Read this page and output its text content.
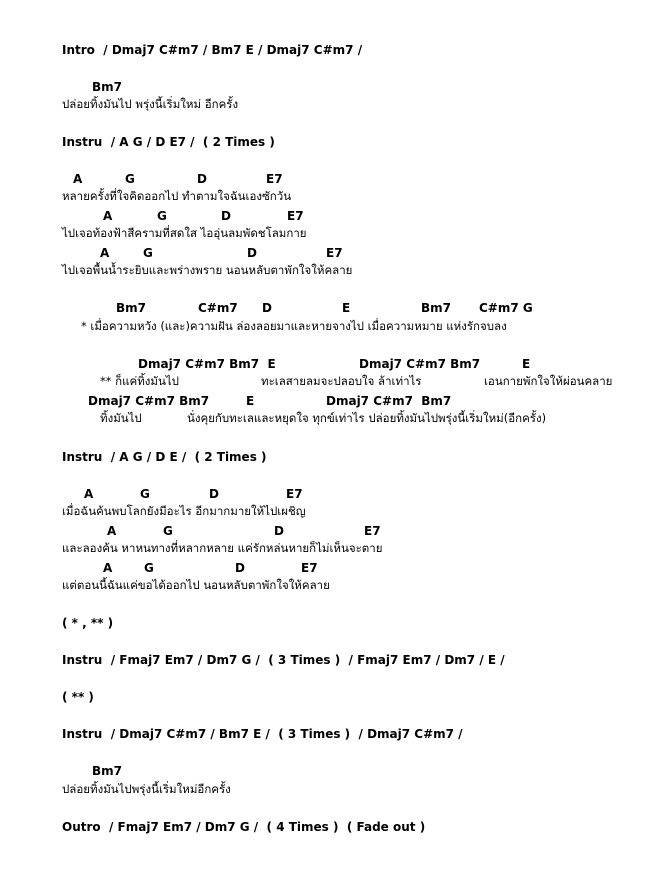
Intro  / Dmaj7 C#m7 / Bm7 E / Dmaj7 C#m7 /
Bm7
ปล่อยทิ้งมันไป พรุ่งนี้เริ่มใหม่ อีกครั้ง
Instru  / A G / D E7 /  ( 2 Times )
A	G	D	E7
หลายครั้งที่ใจคิดออกไป ทำตามใจฉันเองซักวัน
A	G	D	E7
ไปเจอท้องฟ้าสีครามที่สดใส ไออุ่นลมพัดชโลมกาย
A	G	D	E7
ไปเจอพื้นน้ำระยิบและพร่างพราย นอนหลับตาพักใจให้คลาย
Bm7	C#m7 D	E	Bm7 C#m7 G
* เมื่อความหวัง (และ)ความฝัน ล่องลอยมาและหายจางไป เมื่อความหมาย แห่งรักจบลง
Dmaj7 C#m7 Bm7  E	Dmaj7 C#m7 Bm7	E
** ก็แค่ทิ้งมันไป	ทะเลสายลมจะปลอบใจ ล้าเท่าไร	เอนกายพักใจให้ผ่อนคลาย
Dmaj7 C#m7 Bm7	E	Dmaj7 C#m7  Bm7
ทิ้งมันไป	นั่งคุยกับทะเลและหยุดใจ ทุกข์เท่าไร ปล่อยทิ้งมันไปพรุ่งนี้เริ่มใหม่(อีกครั้ง)
Instru  / A G / D E /  ( 2 Times )
A	G	D	E7
เมื่อฉันค้นพบโลกยังมีอะไร อีกมากมายให้ไปเผชิญ
A	G	D	E7
และลองค้น หาหนทางที่หลากหลาย แค่รักหล่นหายก็ไม่เห็นจะตาย
A	G	D	E7
แต่ตอนนี้ฉันแค่ขอได้ออกไป นอนหลับตาพักใจให้คลาย
( * , ** )
Instru  / Fmaj7 Em7 / Dm7 G /  ( 3 Times )  / Fmaj7 Em7 / Dm7 / E /
( ** )
Instru  / Dmaj7 C#m7 / Bm7 E /  ( 3 Times )  / Dmaj7 C#m7 /
Bm7
ปล่อยทิ้งมันไปพรุ่งนี้เริ่มใหม่อีกครั้ง
Outro  / Fmaj7 Em7 / Dm7 G /  ( 4 Times )  ( Fade out )
